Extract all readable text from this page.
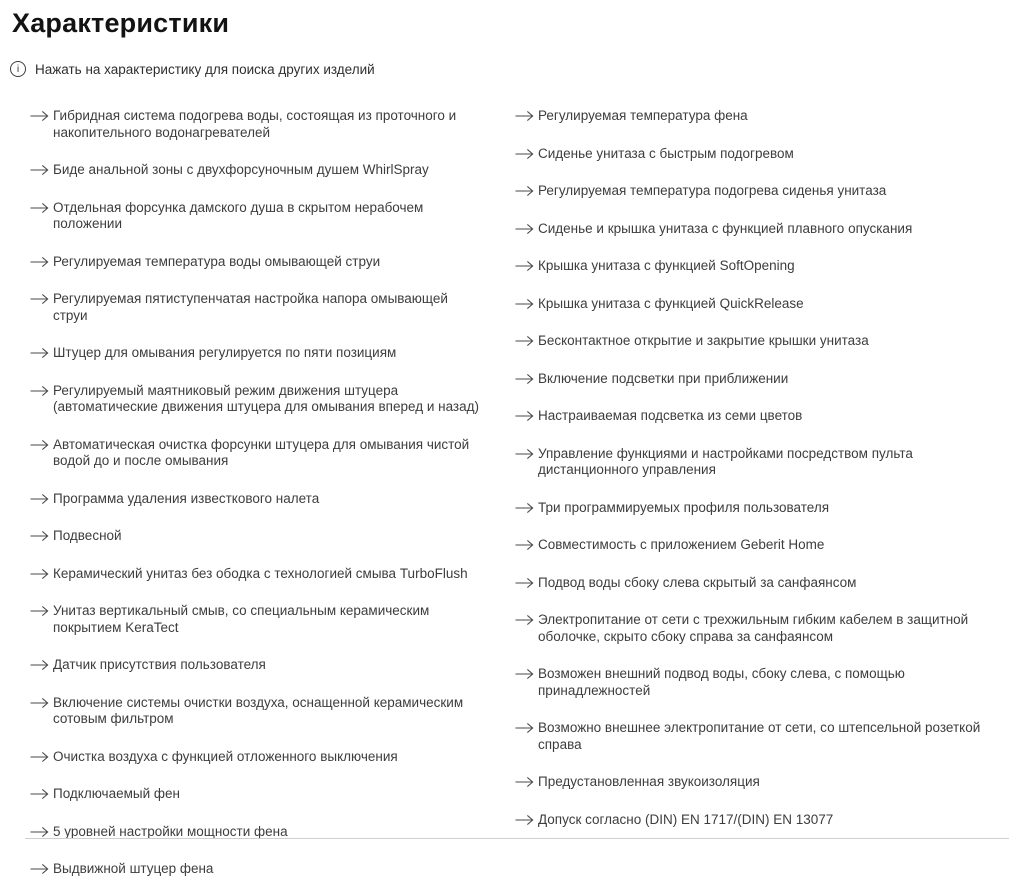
Характеристики
i	Нажать на характеристику для поиска других изделий
Гибридная система подогрева воды, состоящая из проточного и накопительного водонагревателей
Биде анальной зоны с двухфорсуночным душем WhirlSpray
Отдельная форсунка дамского душа в скрытом нерабочем положении
Регулируемая температура воды омывающей струи
Регулируемая пятиступенчатая настройка напора омывающей струи
Штуцер для омывания регулируется по пяти позициям
Регулируемый маятниковый режим движения штуцера (автоматические движения штуцера для омывания вперед и назад)
Автоматическая очистка форсунки штуцера для омывания чистой водой до и после омывания
Программа удаления известкового налета
Подвесной
Керамический унитаз без ободка с технологией смыва TurboFlush
Унитаз вертикальный смыв, со специальным керамическим покрытием KeraTect
Датчик присутствия пользователя
Включение системы очистки воздуха, оснащенной керамическим сотовым фильтром
Очистка воздуха с функцией отложенного выключения
Подключаемый фен
5 уровней настройки мощности фена
Выдвижной штуцер фена
Регулируемая температура фена
Сиденье унитаза с быстрым подогревом
Регулируемая температура подогрева сиденья унитаза
Сиденье и крышка унитаза с функцией плавного опускания
Крышка унитаза с функцией SoftOpening
Крышка унитаза с функцией QuickRelease
Бесконтактное открытие и закрытие крышки унитаза
Включение подсветки при приближении
Настраиваемая подсветка из семи цветов
Управление функциями и настройками посредством пульта дистанционного управления
Три программируемых профиля пользователя
Совместимость с приложением Geberit Home
Подвод воды сбоку слева скрытый за санфаянсом
Электропитание от сети с трехжильным гибким кабелем в защитной оболочке, скрыто сбоку справа за санфаянсом
Возможен внешний подвод воды, сбоку слева, с помощью принадлежностей
Возможно внешнее электропитание от сети, со штепсельной розеткой справа
Предустановленная звукоизоляция
Допуск согласно (DIN) EN 1717/(DIN) EN 13077
